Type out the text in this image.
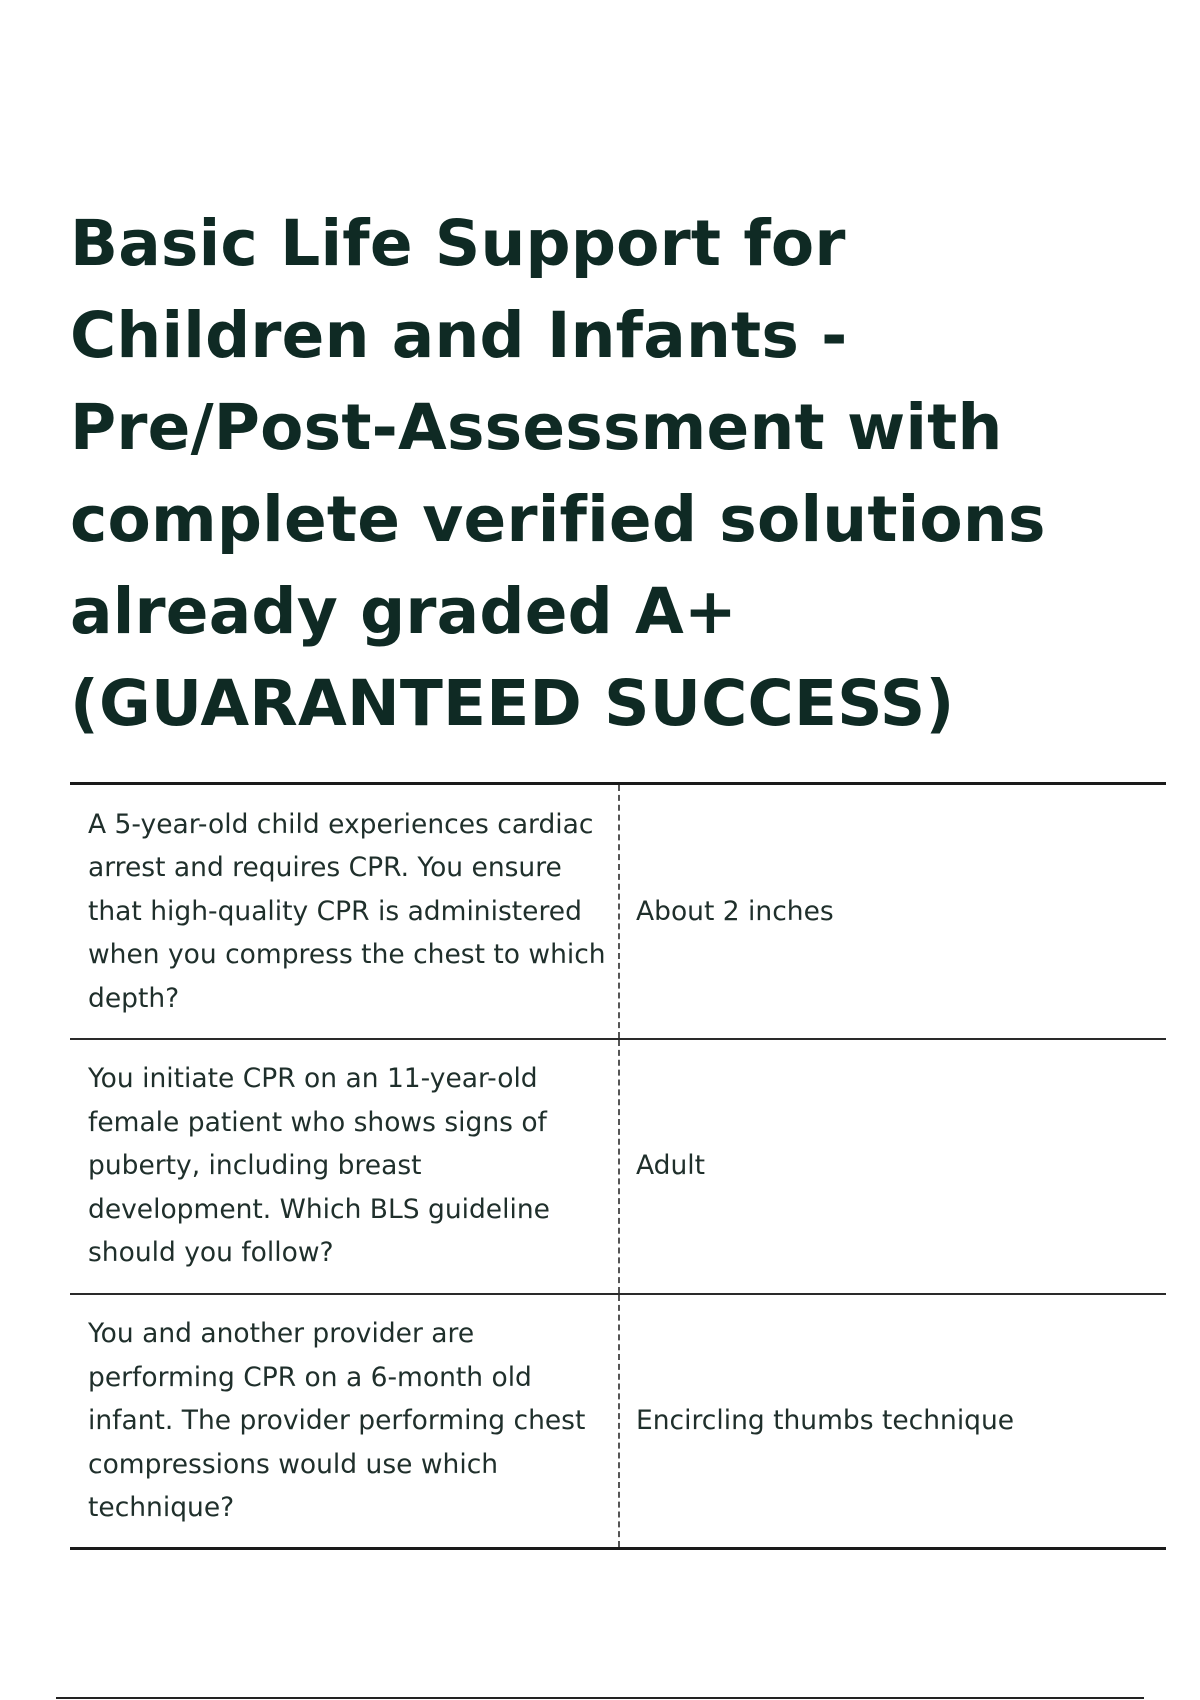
Basic Life Support for Children and Infants - Pre/Post-Assessment with complete verified solutions already graded A+(GUARANTEED SUCCESS)
A 5-year-old child experiences cardiac arrest and requires CPR. You ensure that high-quality CPR is administered when you compress the chest to which depth?	About 2 inches
You initiate CPR on an 11-year-old female patient who shows signs of puberty, including breast development. Which BLS guideline should you follow?	Adult
You and another provider are performing CPR on a 6-month old infant. The provider performing chest compressions would use which technique?	Encircling thumbs technique
